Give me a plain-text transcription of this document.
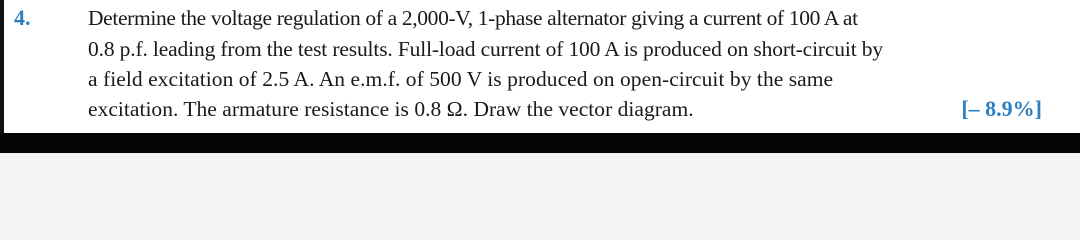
4.	Determine the voltage regulation of a 2,000-V, 1-phase alternator giving a current of 100 A at
0.8 p.f. leading from the test results. Full-load current of 100 A is produced on short-circuit by
a field excitation of 2.5 A. An e.m.f. of 500 V is produced on open-circuit by the same
excitation. The armature resistance is 0.8 Ω. Draw the vector diagram.	[– 8.9%]
